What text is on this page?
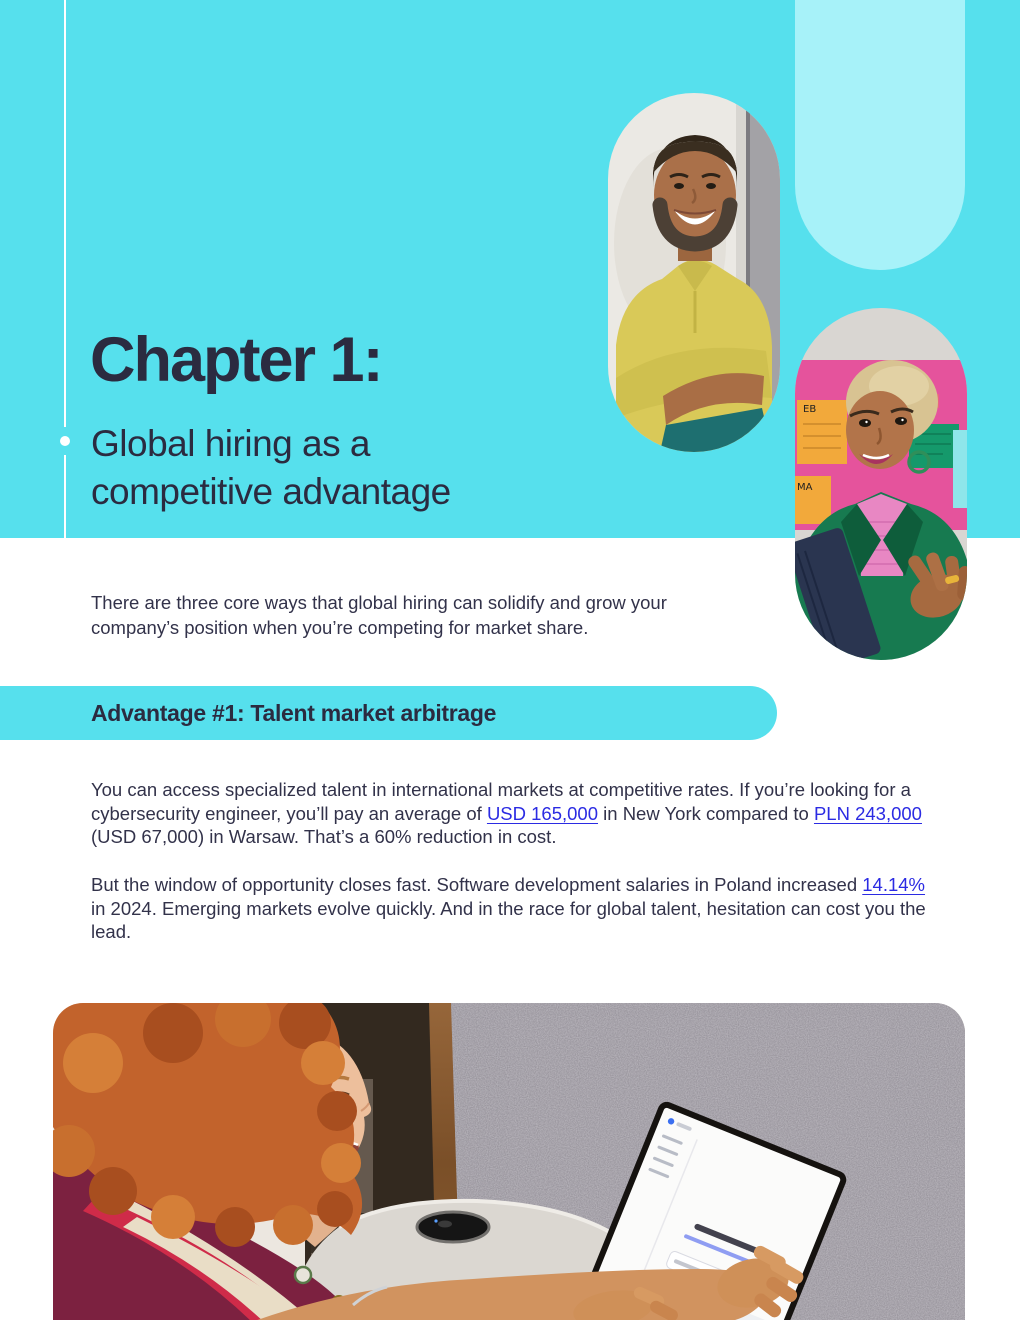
Chapter 1:

Global hiring as a
competitive advantage

EB
MA

There are three core ways that global hiring can solidify and grow your company’s position when you’re competing for market share.

Advantage #1: Talent market arbitrage

You can access specialized talent in international markets at competitive rates. If you’re looking for a cybersecurity engineer, you’ll pay an average of USD 165,000 in New York compared to PLN 243,000 (USD 67,000) in Warsaw. That’s a 60% reduction in cost.

But the window of opportunity closes fast. Software development salaries in Poland increased 14.14% in 2024. Emerging markets evolve quickly. And in the race for global talent, hesitation can cost you the lead.
